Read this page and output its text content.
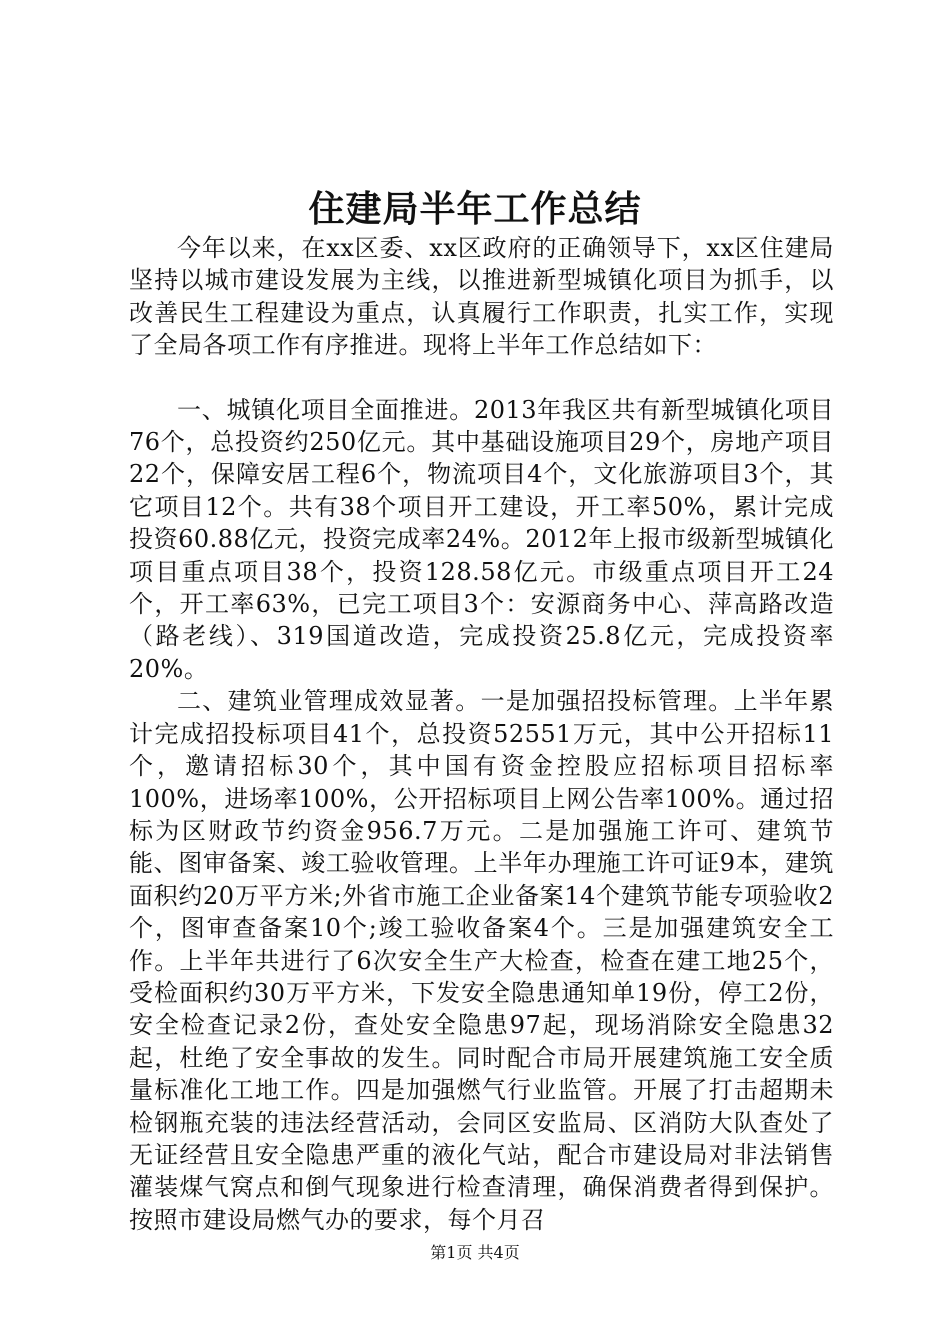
住建局半年工作总结

今年以来，在xx区委、xx区政府的正确领导下，xx区住建局坚持以城市建设发展为主线，以推进新型城镇化项目为抓手，以改善民生工程建设为重点，认真履行工作职责，扎实工作，实现了全局各项工作有序推进。现将上半年工作总结如下：

一、城镇化项目全面推进。2013年我区共有新型城镇化项目76个，总投资约250亿元。其中基础设施项目29个，房地产项目22个，保障安居工程6个，物流项目4个，文化旅游项目3个，其它项目12个。共有38个项目开工建设，开工率50%，累计完成投资60.88亿元，投资完成率24%。2012年上报市级新型城镇化项目重点项目38个，投资128.58亿元。市级重点项目开工24个，开工率63%，已完工项目3个：安源商务中心、萍高路改造（路老线）、319国道改造，完成投资25.8亿元，完成投资率20%。

二、建筑业管理成效显著。一是加强招投标管理。上半年累计完成招投标项目41个，总投资52551万元，其中公开招标11个，邀请招标30个，其中国有资金控股应招标项目招标率100%，进场率100%，公开招标项目上网公告率100%。通过招标为区财政节约资金956.7万元。二是加强施工许可、建筑节能、图审备案、竣工验收管理。上半年办理施工许可证9本，建筑面积约20万平方米;外省市施工企业备案14个建筑节能专项验收2个，图审查备案10个;竣工验收备案4个。三是加强建筑安全工作。上半年共进行了6次安全生产大检查，检查在建工地25个，受检面积约30万平方米，下发安全隐患通知单19份，停工2份，安全检查记录2份，查处安全隐患97起，现场消除安全隐患32起，杜绝了安全事故的发生。同时配合市局开展建筑施工安全质量标准化工地工作。四是加强燃气行业监管。开展了打击超期未检钢瓶充装的违法经营活动，会同区安监局、区消防大队查处了无证经营且安全隐患严重的液化气站，配合市建设局对非法销售灌装煤气窝点和倒气现象进行检查清理，确保消费者得到保护。按照市建设局燃气办的要求，每个月召

第1页 共4页
